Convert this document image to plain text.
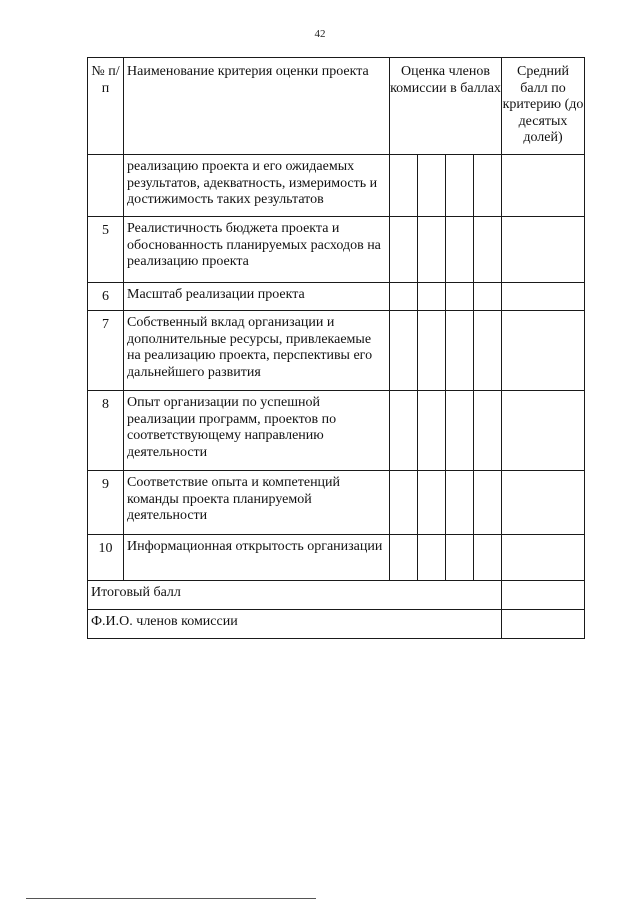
42
№ п/п	Наименование критерия оценки проекта	Оценка членов комиссии в баллах				Средний балл по критерию (до десятых долей)
	реализацию проекта и его ожидаемых результатов, адекватность, измеримость и достижимость таких результатов					
5	Реалистичность бюджета проекта и обоснованность планируемых расходов на реализацию проекта					
6	Масштаб реализации проекта					
7	Собственный вклад организации и дополнительные ресурсы, привлекаемые на реализацию проекта, перспективы его дальнейшего развития					
8	Опыт организации по успешной реализации программ, проектов по соответствующему направлению деятельности					
9	Соответствие опыта и компетенций команды проекта планируемой деятельности					
10	Информационная открытость организации					
Итоговый балл						
Ф.И.О. членов комиссии						
